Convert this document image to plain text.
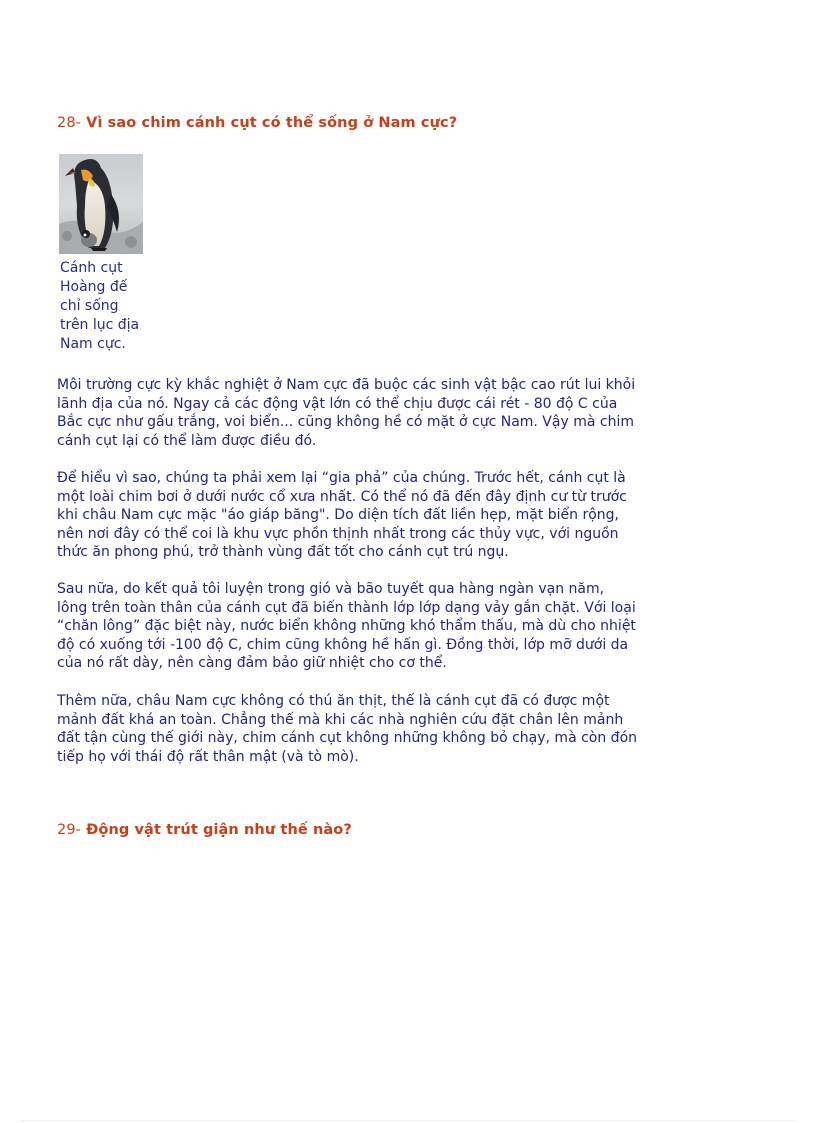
28- Vì sao chim cánh cụt có thể sống ở Nam cực?

Cánh cụt
Hoàng đế
chỉ sống
trên lục địa
Nam cực.

Môi trường cực kỳ khắc nghiệt ở Nam cực đã buộc các sinh vật bậc cao rút lui khỏi
lãnh địa của nó. Ngay cả các động vật lớn có thể chịu được cái rét - 80 độ C của
Bắc cực như gấu trắng, voi biển... cũng không hề có mặt ở cực Nam. Vậy mà chim
cánh cụt lại có thể làm được điều đó.

Để hiểu vì sao, chúng ta phải xem lại “gia phả” của chúng. Trước hết, cánh cụt là
một loài chim bơi ở dưới nước cổ xưa nhất. Có thể nó đã đến đây định cư từ trước
khi châu Nam cực mặc "áo giáp băng". Do diện tích đất liền hẹp, mặt biển rộng,
nên nơi đây có thể coi là khu vực phồn thịnh nhất trong các thủy vực, với nguồn
thức ăn phong phú, trở thành vùng đất tốt cho cánh cụt trú ngụ.

Sau nữa, do kết quả tôi luyện trong gió và bão tuyết qua hàng ngàn vạn năm,
lông trên toàn thân của cánh cụt đã biến thành lớp lớp dạng vảy gắn chặt. Với loại
“chăn lông” đặc biệt này, nước biển không những khó thẩm thấu, mà dù cho nhiệt
độ có xuống tới -100 độ C, chim cũng không hề hấn gì. Đồng thời, lớp mỡ dưới da
của nó rất dày, nên càng đảm bảo giữ nhiệt cho cơ thể.

Thêm nữa, châu Nam cực không có thú ăn thịt, thế là cánh cụt đã có được một
mảnh đất khá an toàn. Chẳng thế mà khi các nhà nghiên cứu đặt chân lên mảnh
đất tận cùng thế giới này, chim cánh cụt không những không bỏ chạy, mà còn đón
tiếp họ với thái độ rất thân mật (và tò mò).

29- Động vật trút giận như thế nào?
